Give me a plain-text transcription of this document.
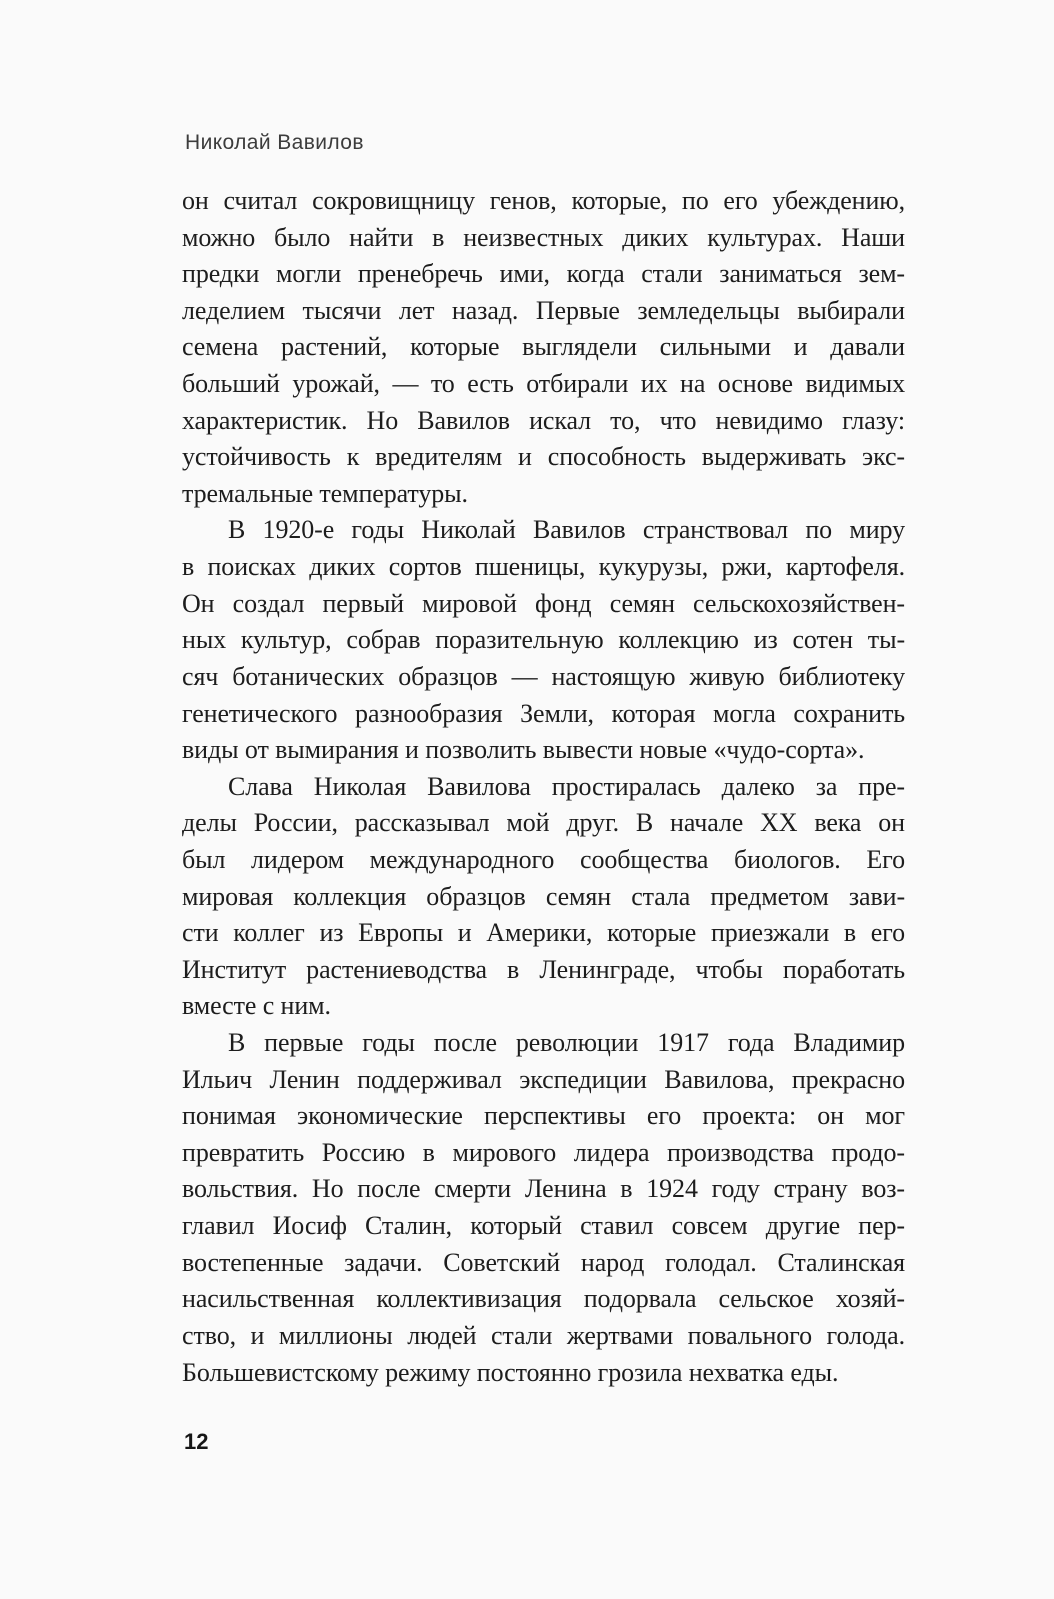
Николай Вавилов
он считал сокровищницу генов, которые, по его убеждению,
можно было найти в неизвестных диких культурах. Наши
предки могли пренебречь ими, когда стали заниматься зем-
леделием тысячи лет назад. Первые земледельцы выбирали
семена растений, которые выглядели сильными и давали
больший урожай, — то есть отбирали их на основе видимых
характеристик. Но Вавилов искал то, что невидимо глазу:
устойчивость к вредителям и способность выдерживать экс-
тремальные температуры.
В 1920-е годы Николай Вавилов странствовал по миру
в поисках диких сортов пшеницы, кукурузы, ржи, картофеля.
Он создал первый мировой фонд семян сельскохозяйствен-
ных культур, собрав поразительную коллекцию из сотен ты-
сяч ботанических образцов — настоящую живую библиотеку
генетического разнообразия Земли, которая могла сохранить
виды от вымирания и позволить вывести новые «чудо-сорта».
Слава Николая Вавилова простиралась далеко за пре-
делы России, рассказывал мой друг. В начале XX века он
был лидером международного сообщества биологов. Его
мировая коллекция образцов семян стала предметом зави-
сти коллег из Европы и Америки, которые приезжали в его
Институт растениеводства в Ленинграде, чтобы поработать
вместе с ним.
В первые годы после революции 1917 года Владимир
Ильич Ленин поддерживал экспедиции Вавилова, прекрасно
понимая экономические перспективы его проекта: он мог
превратить Россию в мирового лидера производства продо-
вольствия. Но после смерти Ленина в 1924 году страну воз-
главил Иосиф Сталин, который ставил совсем другие пер-
востепенные задачи. Советский народ голодал. Сталинская
насильственная коллективизация подорвала сельское хозяй-
ство, и миллионы людей стали жертвами повального голода.
Большевистскому режиму постоянно грозила нехватка еды.
12
